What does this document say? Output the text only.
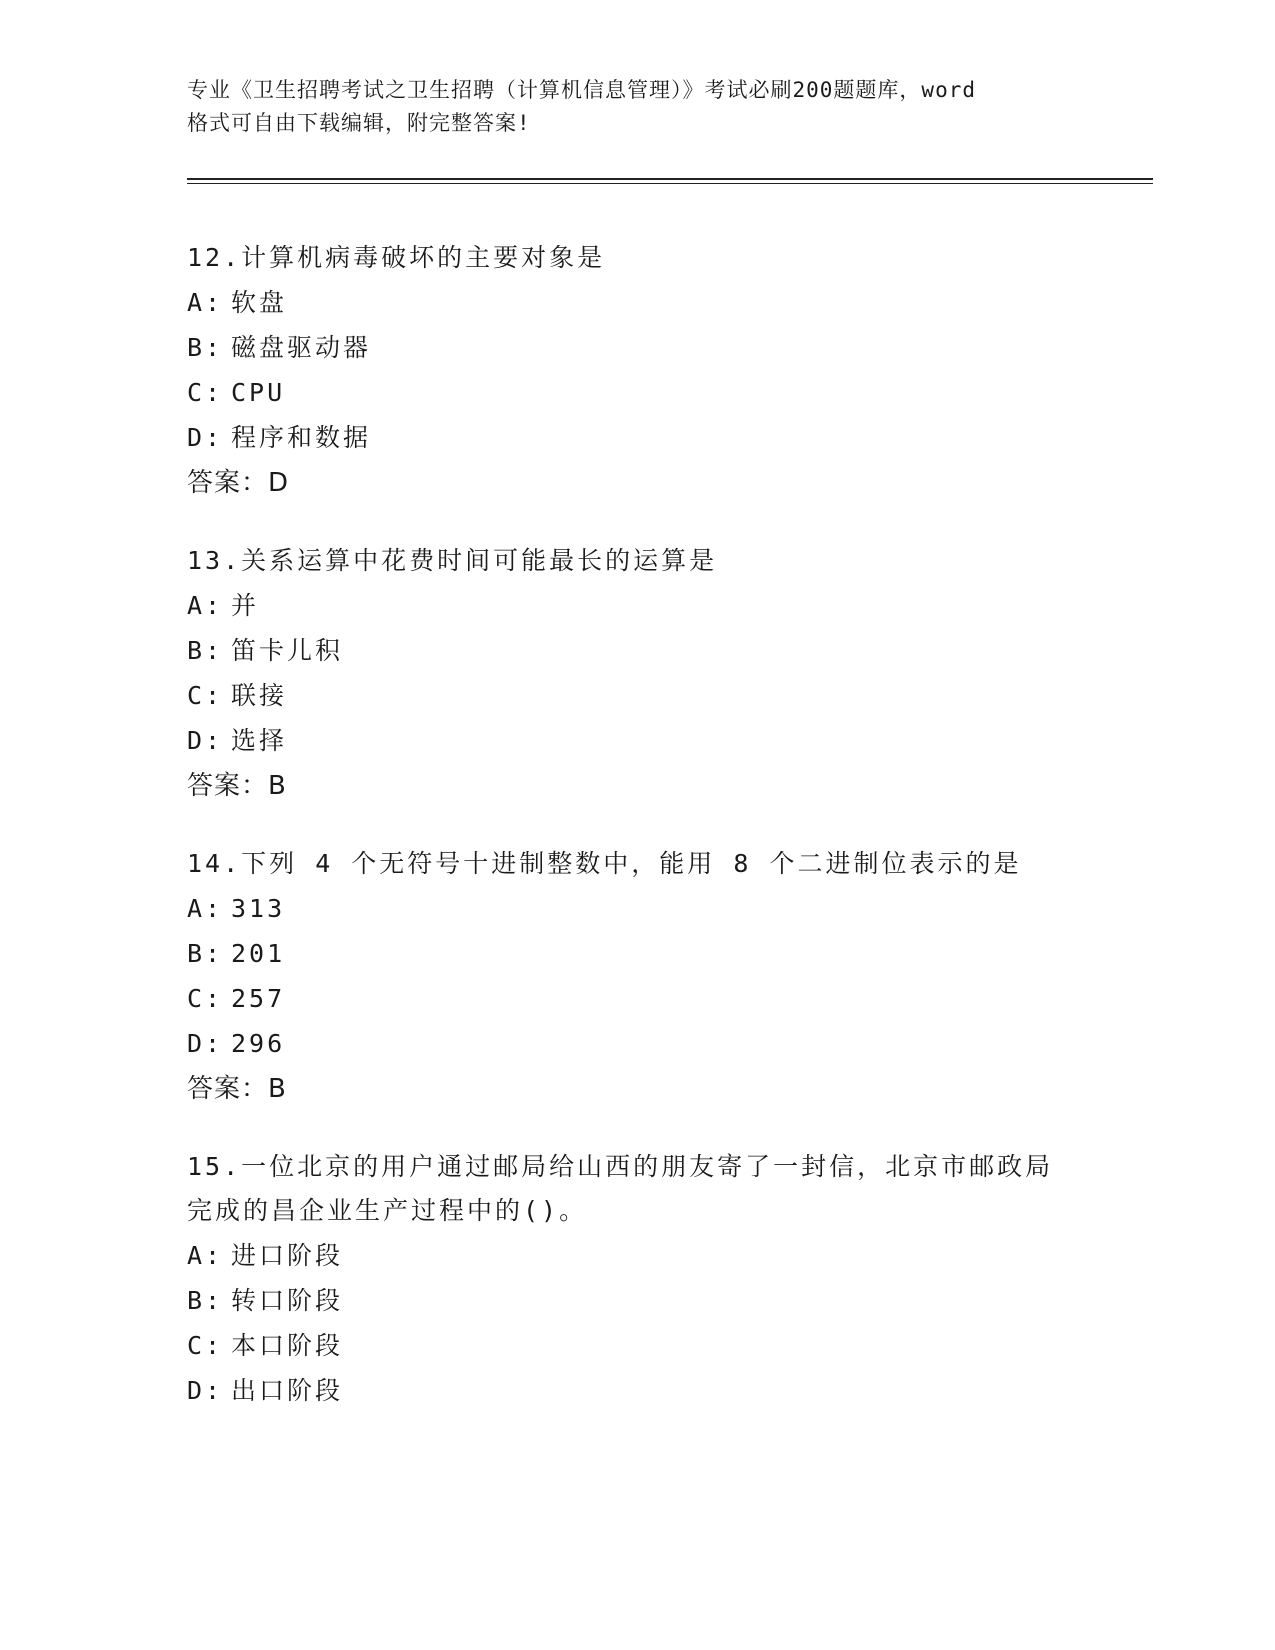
专业《卫生招聘考试之卫生招聘（计算机信息管理）》考试必刷200题题库，word
格式可自由下载编辑，附完整答案!
12.计算机病毒破坏的主要对象是
A: 软盘
B: 磁盘驱动器
C: CPU
D: 程序和数据
答案：D
13.关系运算中花费时间可能最长的运算是
A: 并
B: 笛卡儿积
C: 联接
D: 选择
答案：B
14.下列 4 个无符号十进制整数中，能用 8 个二进制位表示的是
A: 313
B: 201
C: 257
D: 296
答案：B
15.一位北京的用户通过邮局给山西的朋友寄了一封信，北京市邮政局
完成的昌企业生产过程中的()。
A: 进口阶段
B: 转口阶段
C: 本口阶段
D: 出口阶段
